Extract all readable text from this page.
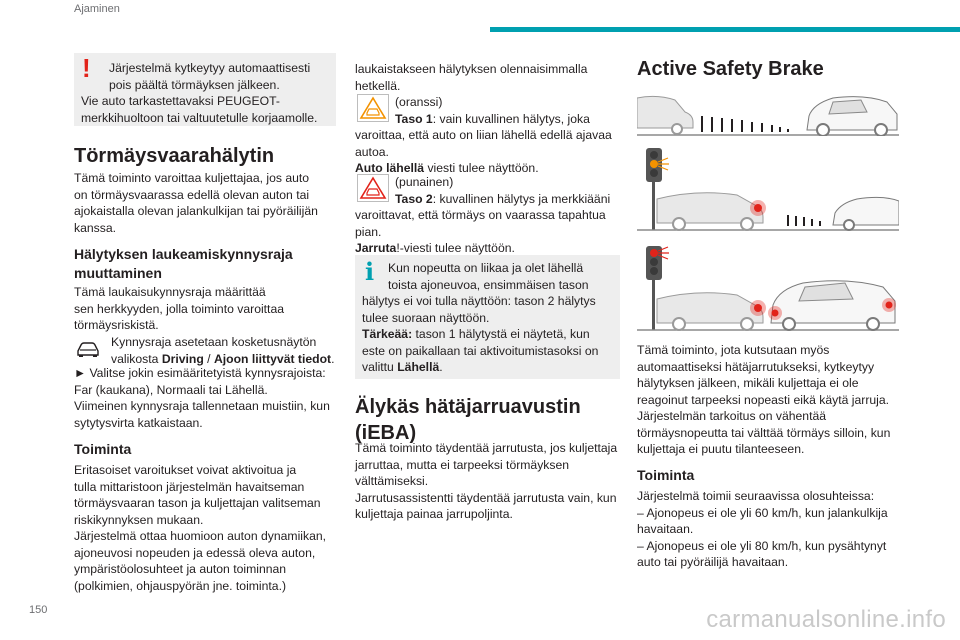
Ajaminen
150	carmanualsonline.info
! Järjestelmä kytkeytyy automaattisesti
pois päältä törmäyksen jälkeen.
Vie auto tarkastettavaksi PEUGEOT-
merkkihuoltoon tai valtuutetulle korjaamolle.
Törmäysvaarahälytin

Tämä toiminto varoittaa kuljettajaa, jos auto

on törmäysvaarassa edellä olevan auton tai

ajokaistalla olevan jalankulkijan tai pyöräilijän

kanssa.

Hälytyksen laukeamiskynnysraja
muuttaminen

Tämä laukaisukynnysraja määrittää

sen herkkyyden, jolla toiminto varoittaa

törmäysriskistä.

Kynnysraja asetetaan kosketusnäytön

valikosta Driving / Ajoon liittyvät tiedot.

► Valitse jokin esimääritetyistä kynnysrajoista:

Far (kaukana), Normaali tai Lähellä.

Viimeinen kynnysraja tallennetaan muistiin, kun

sytytysvirta katkaistaan.

Toiminta

Eritasoiset varoitukset voivat aktivoitua ja

tulla mittaristoon järjestelmän havaitseman

törmäysvaaran tason ja kuljettajan valitseman

riskikynnyksen mukaan.

Järjestelmä ottaa huomioon auton dynamiikan,

ajoneuvosi nopeuden ja edessä oleva auton,

ympäristöolosuhteet ja auton toiminnan

(polkimien, ohjauspyörän jne. toiminta.)

laukaistakseen hälytyksen olennaisimmalla

hetkellä.

(oranssi)

Taso 1: vain kuvallinen hälytys, joka

varoittaa, että auto on liian lähellä edellä ajavaa

autoa.

Auto lähellä viesti tulee näyttöön.

(punainen)

Taso 2: kuvallinen hälytys ja merkkiääni

varoittavat, että törmäys on vaarassa tapahtua

pian.

Jarruta!-viesti tulee näyttöön.

i Kun nopeutta on liikaa ja olet lähellä
toista ajoneuvoa, ensimmäisen tason
hälytys ei voi tulla näyttöön: tason 2 hälytys
tulee suoraan näyttöön.
Tärkeää: tason 1 hälytystä ei näytetä, kun
este on paikallaan tai aktivoitumistasoksi on
valittu Lähellä.
Älykäs hätäjarruavustin
(iEBA)

Tämä toiminto täydentää jarrutusta, jos kuljettaja

jarruttaa, mutta ei tarpeeksi törmäyksen

välttämiseksi.

Jarrutusassistentti täydentää jarrutusta vain, kun

kuljettaja painaa jarrupoljinta.

Active Safety Brake

Tämä toiminto, jota kutsutaan myös

automaattiseksi hätäjarrutukseksi, kytkeytyy

hälytyksen jälkeen, mikäli kuljettaja ei ole

reagoinut tarpeeksi nopeasti eikä käytä jarruja.

Järjestelmän tarkoitus on vähentää

törmäysnopeutta tai välttää törmäys silloin, kun

kuljettaja ei puutu tilanteeseen.

Toiminta

Järjestelmä toimii seuraavissa olosuhteissa:

– Ajonopeus ei ole yli 60 km/h, kun jalankulkija

havaitaan.

– Ajonopeus ei ole yli 80 km/h, kun pysähtynyt

auto tai pyöräilijä havaitaan.
